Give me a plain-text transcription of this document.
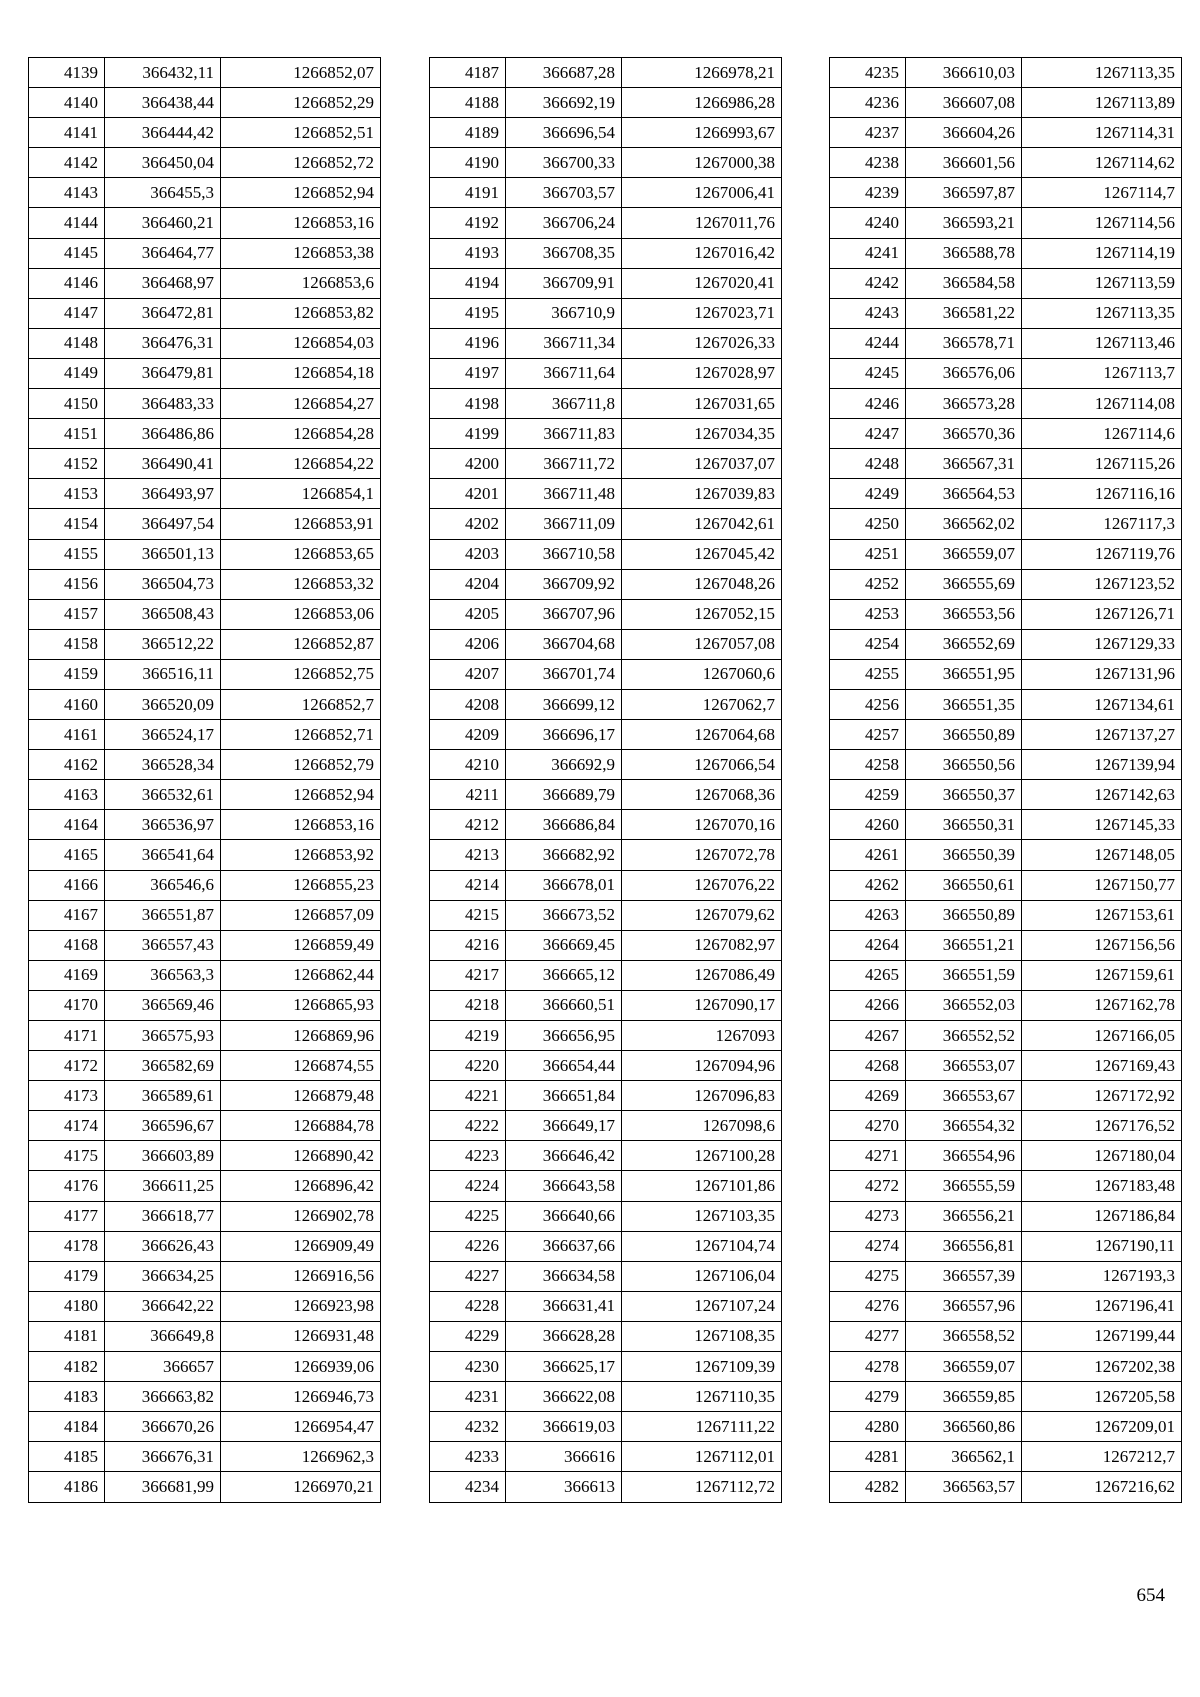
4139	366432,11	1266852,07
4140	366438,44	1266852,29
4141	366444,42	1266852,51
4142	366450,04	1266852,72
4143	366455,3	1266852,94
4144	366460,21	1266853,16
4145	366464,77	1266853,38
4146	366468,97	1266853,6
4147	366472,81	1266853,82
4148	366476,31	1266854,03
4149	366479,81	1266854,18
4150	366483,33	1266854,27
4151	366486,86	1266854,28
4152	366490,41	1266854,22
4153	366493,97	1266854,1
4154	366497,54	1266853,91
4155	366501,13	1266853,65
4156	366504,73	1266853,32
4157	366508,43	1266853,06
4158	366512,22	1266852,87
4159	366516,11	1266852,75
4160	366520,09	1266852,7
4161	366524,17	1266852,71
4162	366528,34	1266852,79
4163	366532,61	1266852,94
4164	366536,97	1266853,16
4165	366541,64	1266853,92
4166	366546,6	1266855,23
4167	366551,87	1266857,09
4168	366557,43	1266859,49
4169	366563,3	1266862,44
4170	366569,46	1266865,93
4171	366575,93	1266869,96
4172	366582,69	1266874,55
4173	366589,61	1266879,48
4174	366596,67	1266884,78
4175	366603,89	1266890,42
4176	366611,25	1266896,42
4177	366618,77	1266902,78
4178	366626,43	1266909,49
4179	366634,25	1266916,56
4180	366642,22	1266923,98
4181	366649,8	1266931,48
4182	366657	1266939,06
4183	366663,82	1266946,73
4184	366670,26	1266954,47
4185	366676,31	1266962,3
4186	366681,99	1266970,21
4187	366687,28	1266978,21
4188	366692,19	1266986,28
4189	366696,54	1266993,67
4190	366700,33	1267000,38
4191	366703,57	1267006,41
4192	366706,24	1267011,76
4193	366708,35	1267016,42
4194	366709,91	1267020,41
4195	366710,9	1267023,71
4196	366711,34	1267026,33
4197	366711,64	1267028,97
4198	366711,8	1267031,65
4199	366711,83	1267034,35
4200	366711,72	1267037,07
4201	366711,48	1267039,83
4202	366711,09	1267042,61
4203	366710,58	1267045,42
4204	366709,92	1267048,26
4205	366707,96	1267052,15
4206	366704,68	1267057,08
4207	366701,74	1267060,6
4208	366699,12	1267062,7
4209	366696,17	1267064,68
4210	366692,9	1267066,54
4211	366689,79	1267068,36
4212	366686,84	1267070,16
4213	366682,92	1267072,78
4214	366678,01	1267076,22
4215	366673,52	1267079,62
4216	366669,45	1267082,97
4217	366665,12	1267086,49
4218	366660,51	1267090,17
4219	366656,95	1267093
4220	366654,44	1267094,96
4221	366651,84	1267096,83
4222	366649,17	1267098,6
4223	366646,42	1267100,28
4224	366643,58	1267101,86
4225	366640,66	1267103,35
4226	366637,66	1267104,74
4227	366634,58	1267106,04
4228	366631,41	1267107,24
4229	366628,28	1267108,35
4230	366625,17	1267109,39
4231	366622,08	1267110,35
4232	366619,03	1267111,22
4233	366616	1267112,01
4234	366613	1267112,72
4235	366610,03	1267113,35
4236	366607,08	1267113,89
4237	366604,26	1267114,31
4238	366601,56	1267114,62
4239	366597,87	1267114,7
4240	366593,21	1267114,56
4241	366588,78	1267114,19
4242	366584,58	1267113,59
4243	366581,22	1267113,35
4244	366578,71	1267113,46
4245	366576,06	1267113,7
4246	366573,28	1267114,08
4247	366570,36	1267114,6
4248	366567,31	1267115,26
4249	366564,53	1267116,16
4250	366562,02	1267117,3
4251	366559,07	1267119,76
4252	366555,69	1267123,52
4253	366553,56	1267126,71
4254	366552,69	1267129,33
4255	366551,95	1267131,96
4256	366551,35	1267134,61
4257	366550,89	1267137,27
4258	366550,56	1267139,94
4259	366550,37	1267142,63
4260	366550,31	1267145,33
4261	366550,39	1267148,05
4262	366550,61	1267150,77
4263	366550,89	1267153,61
4264	366551,21	1267156,56
4265	366551,59	1267159,61
4266	366552,03	1267162,78
4267	366552,52	1267166,05
4268	366553,07	1267169,43
4269	366553,67	1267172,92
4270	366554,32	1267176,52
4271	366554,96	1267180,04
4272	366555,59	1267183,48
4273	366556,21	1267186,84
4274	366556,81	1267190,11
4275	366557,39	1267193,3
4276	366557,96	1267196,41
4277	366558,52	1267199,44
4278	366559,07	1267202,38
4279	366559,85	1267205,58
4280	366560,86	1267209,01
4281	366562,1	1267212,7
4282	366563,57	1267216,62
654
